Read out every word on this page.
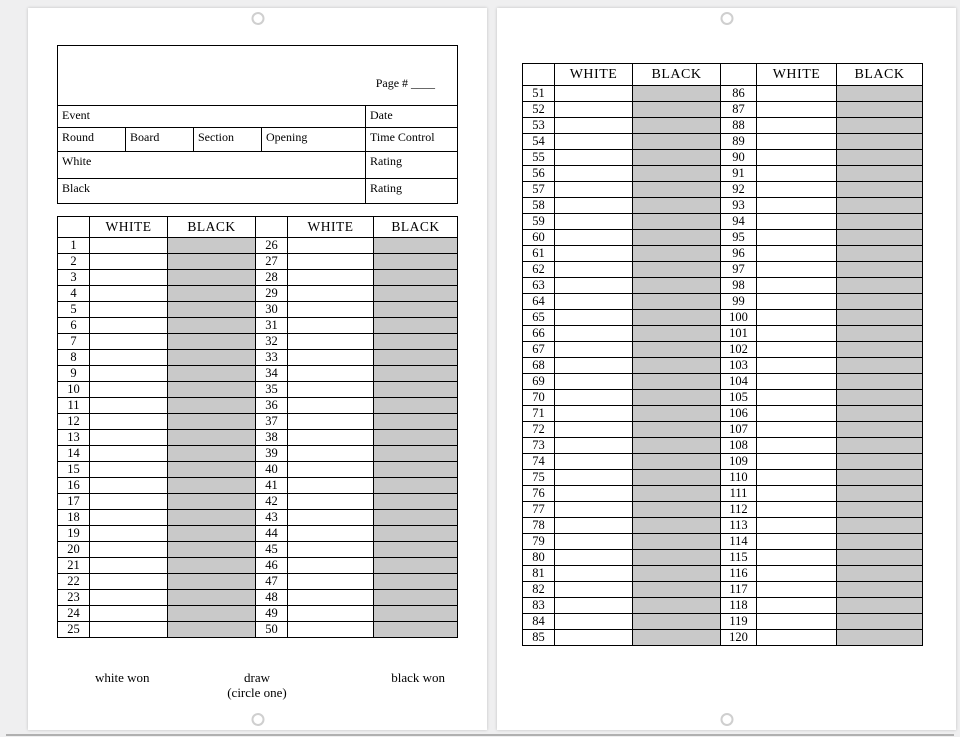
Page # ____				
Event				Date
Round	Board	Section	Opening	Time Control
White				Rating
Black				Rating
	WHITE	BLACK		WHITE	BLACK
1			26		
2			27		
3			28		
4			29		
5			30		
6			31		
7			32		
8			33		
9			34		
10			35		
11			36		
12			37		
13			38		
14			39		
15			40		
16			41		
17			42		
18			43		
19			44		
20			45		
21			46		
22			47		
23			48		
24			49		
25			50		
white won	draw
(circle one)
black won
	WHITE	BLACK		WHITE	BLACK
51			86		
52			87		
53			88		
54			89		
55			90		
56			91		
57			92		
58			93		
59			94		
60			95		
61			96		
62			97		
63			98		
64			99		
65			100		
66			101		
67			102		
68			103		
69			104		
70			105		
71			106		
72			107		
73			108		
74			109		
75			110		
76			111		
77			112		
78			113		
79			114		
80			115		
81			116		
82			117		
83			118		
84			119		
85			120		
